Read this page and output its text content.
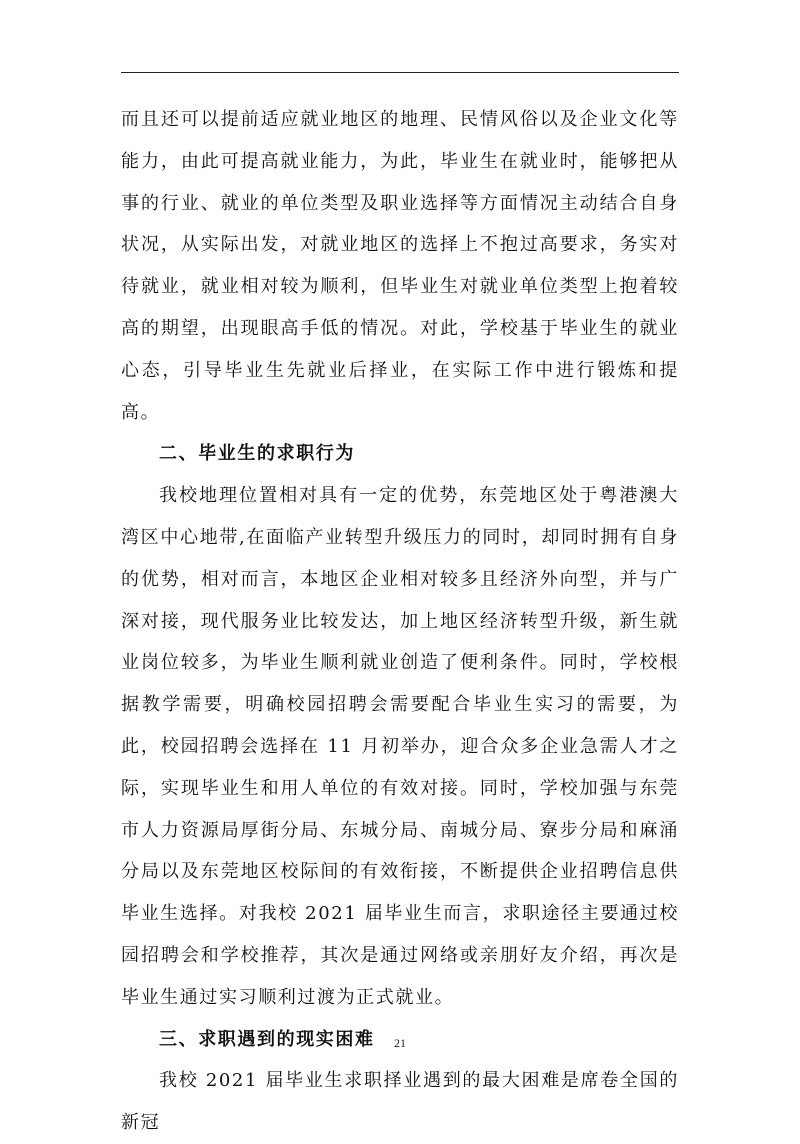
而且还可以提前适应就业地区的地理、民情风俗以及企业文化等能力，由此可提高就业能力，为此，毕业生在就业时，能够把从事的行业、就业的单位类型及职业选择等方面情况主动结合自身状况，从实际出发，对就业地区的选择上不抱过高要求，务实对待就业，就业相对较为顺利，但毕业生对就业单位类型上抱着较高的期望，出现眼高手低的情况。对此，学校基于毕业生的就业心态，引导毕业生先就业后择业，在实际工作中进行锻炼和提高。

二、毕业生的求职行为

我校地理位置相对具有一定的优势，东莞地区处于粤港澳大湾区中心地带,在面临产业转型升级压力的同时，却同时拥有自身的优势，相对而言，本地区企业相对较多且经济外向型，并与广深对接，现代服务业比较发达，加上地区经济转型升级，新生就业岗位较多，为毕业生顺利就业创造了便利条件。同时，学校根据教学需要，明确校园招聘会需要配合毕业生实习的需要，为此，校园招聘会选择在 11 月初举办，迎合众多企业急需人才之际，实现毕业生和用人单位的有效对接。同时，学校加强与东莞市人力资源局厚街分局、东城分局、南城分局、寮步分局和麻涌分局以及东莞地区校际间的有效衔接，不断提供企业招聘信息供毕业生选择。对我校 2021 届毕业生而言，求职途径主要通过校园招聘会和学校推荐，其次是通过网络或亲朋好友介绍，再次是毕业生通过实习顺利过渡为正式就业。

三、求职遇到的现实困难

我校 2021 届毕业生求职择业遇到的最大困难是席卷全国的新冠

21
